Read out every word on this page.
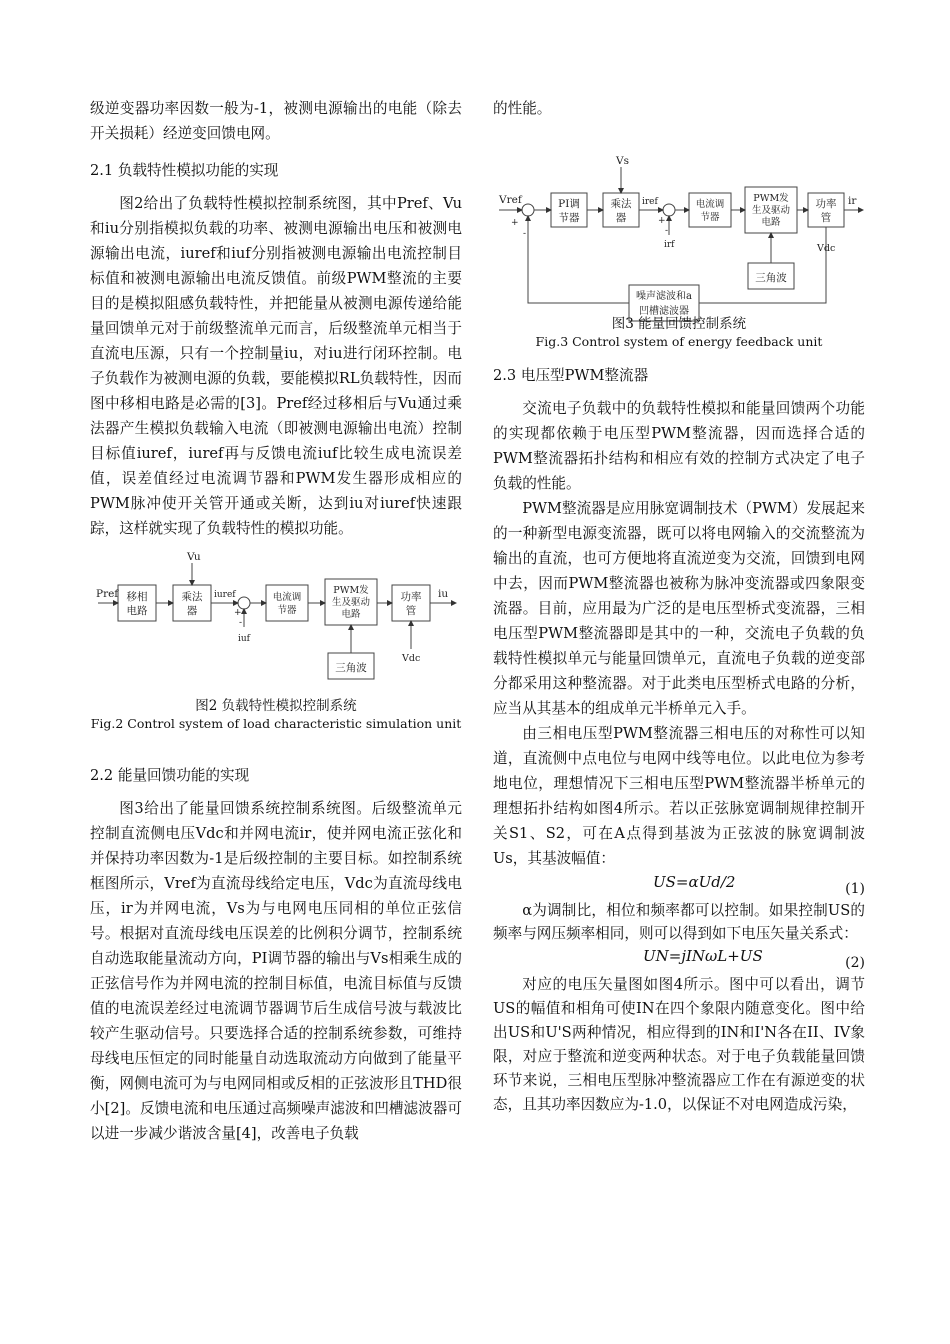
级逆变器功率因数一般为-1，被测电源输出的电能（除去开关损耗）经逆变回馈电网。

2.1 负载特性模拟功能的实现

图2给出了负载特性模拟控制系统图，其中Pref、Vu和iu分别指模拟负载的功率、被测电源输出电压和被测电源输出电流，iuref和iuf分别指被测电源输出电流控制目标值和被测电源输出电流反馈值。前级PWM整流的主要目的是模拟阻感负载特性，并把能量从被测电源传递给能量回馈单元对于前级整流单元而言，后级整流单元相当于直流电压源，只有一个控制量iu，对iu进行闭环控制。电子负载作为被测电源的负载，要能模拟RL负载特性，因而图中移相电路是必需的[3]。Pref经过移相后与Vu通过乘法器产生模拟负载输入电流（即被测电源输出电流）控制目标值iuref，iuref再与反馈电流iuf比较生成电流误差值，误差值经过电流调节器和PWM发生器形成相应的PWM脉冲使开关管开通或关断，达到iu对iuref快速跟踪，这样就实现了负载特性的模拟功能。

Vu
Pref 移相
电路
乘法
器
iuref
+
-
iuf
电流调
节器
PWM发
生及驱动
电路
功率
管
iu
三角波
Vdc
图2 负载特性模拟控制系统
Fig.2 Control system of load characteristic simulation unit
2.2 能量回馈功能的实现

图3给出了能量回馈系统控制系统图。后级整流单元控制直流侧电压Vdc和并网电流ir，使并网电流正弦化和并保持功率因数为-1是后级控制的主要目标。如控制系统框图所示，Vref为直流母线给定电压，Vdc为直流母线电压，ir为并网电流，Vs为与电网电压同相的单位正弦信号。根据对直流母线电压误差的比例积分调节，控制系统自动选取能量流动方向，PI调节器的输出与Vs相乘生成的正弦信号作为并网电流的控制目标值，电流目标值与反馈值的电流误差经过电流调节器调节后生成信号波与载波比较产生驱动信号。只要选择合适的控制系统参数，可维持母线电压恒定的同时能量自动选取流动方向做到了能量平衡，网侧电流可为与电网同相或反相的正弦波形且THD很小[2]。反馈电流和电压通过高频噪声滤波和凹槽滤波器可以进一步减少谐波含量[4]，改善电子负载

的性能。

Vs
Vref
+
-
PI调
节器
乘法
器
iref
+
-
irf
电流调
节器
PWM发
生及驱动
电路
功率
管
ir
三角波
Vdc
噪声滤波和a
凹槽滤波器
图3 能量回馈控制系统
Fig.3 Control system of energy feedback unit
2.3 电压型PWM整流器

交流电子负载中的负载特性模拟和能量回馈两个功能的实现都依赖于电压型PWM整流器，因而选择合适的PWM整流器拓扑结构和相应有效的控制方式决定了电子负载的性能。

PWM整流器是应用脉宽调制技术（PWM）发展起来的一种新型电源变流器，既可以将电网输入的交流整流为输出的直流，也可方便地将直流逆变为交流，回馈到电网中去，因而PWM整流器也被称为脉冲变流器或四象限变流器。目前，应用最为广泛的是电压型桥式变流器，三相电压型PWM整流器即是其中的一种，交流电子负载的负载特性模拟单元与能量回馈单元，直流电子负载的逆变部分都采用这种整流器。对于此类电压型桥式电路的分析，应当从其基本的组成单元半桥单元入手。

由三相电压型PWM整流器三相电压的对称性可以知道，直流侧中点电位与电网中线等电位。以此电位为参考地电位，理想情况下三相电压型PWM整流器半桥单元的理想拓扑结构如图4所示。若以正弦脉宽调制规律控制开关S1、S2，可在A点得到基波为正弦波的脉宽调制波Us，其基波幅值：

US=αUd/2	(1)

α为调制比，相位和频率都可以控制。如果控制US的频率与网压频率相同，则可以得到如下电压矢量关系式：

UN=jINωL+US	(2)

对应的电压矢量图如图4所示。图中可以看出，调节US的幅值和相角可使IN在四个象限内随意变化。图中给出US和U'S两种情况，相应得到的IN和I'N各在II、IV象限，对应于整流和逆变两种状态。对于电子负载能量回馈环节来说，三相电压型脉冲整流器应工作在有源逆变的状态，且其功率因数应为-1.0，以保证不对电网造成污染，
